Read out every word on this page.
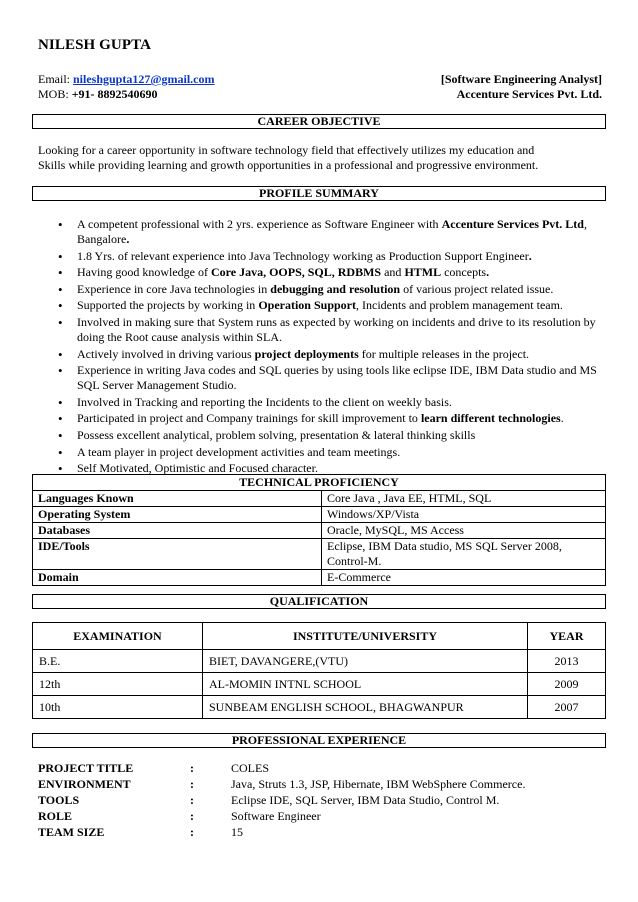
NILESH GUPTA
Email: nileshgupta127@gmail.com	[Software Engineering Analyst]
MOB: +91- 8892540690	Accenture Services Pvt. Ltd.
CAREER OBJECTIVE
Looking for a career opportunity in software technology field that effectively utilizes my education and
Skills while providing learning and growth opportunities in a professional and progressive environment.
PROFILE SUMMARY
• A competent professional with 2 yrs. experience as Software Engineer with Accenture Services Pvt. Ltd, Bangalore.
• 1.8 Yrs. of relevant experience into Java Technology working as Production Support Engineer.
• Having good knowledge of Core Java, OOPS, SQL, RDBMS and HTML concepts.
• Experience in core Java technologies in debugging and resolution of various project related issue.
• Supported the projects by working in Operation Support, Incidents and problem management team.
• Involved in making sure that System runs as expected by working on incidents and drive to its resolution by doing the Root cause analysis within SLA.
• Actively involved in driving various project deployments for multiple releases in the project.
• Experience in writing Java codes and SQL queries by using tools like eclipse IDE, IBM Data studio and MS SQL Server Management Studio.
• Involved in Tracking and reporting the Incidents to the client on weekly basis.
• Participated in project and Company trainings for skill improvement to learn different technologies.
• Possess excellent analytical, problem solving, presentation & lateral thinking skills
• A team player in project development activities and team meetings.
• Self Motivated, Optimistic and Focused character.
TECHNICAL PROFICIENCY	
Languages Known	Core Java , Java EE, HTML, SQL
Operating System	Windows/XP/Vista
Databases	Oracle, MySQL, MS Access
IDE/Tools	Eclipse, IBM Data studio, MS SQL Server 2008,
Control-M.

Domain	E-Commerce
QUALIFICATION
EXAMINATION	INSTITUTE/UNIVERSITY	YEAR
B.E.	BIET, DAVANGERE,(VTU)	2013
12th	AL-MOMIN INTNL SCHOOL	2009
10th	SUNBEAM ENGLISH SCHOOL, BHAGWANPUR	2007
PROFESSIONAL EXPERIENCE
PROJECT TITLE	:	COLES
ENVIRONMENT	:	Java, Struts 1.3, JSP, Hibernate, IBM WebSphere Commerce.
TOOLS	:	Eclipse IDE, SQL Server, IBM Data Studio, Control M.
ROLE	:	Software Engineer
TEAM SIZE	:	15
